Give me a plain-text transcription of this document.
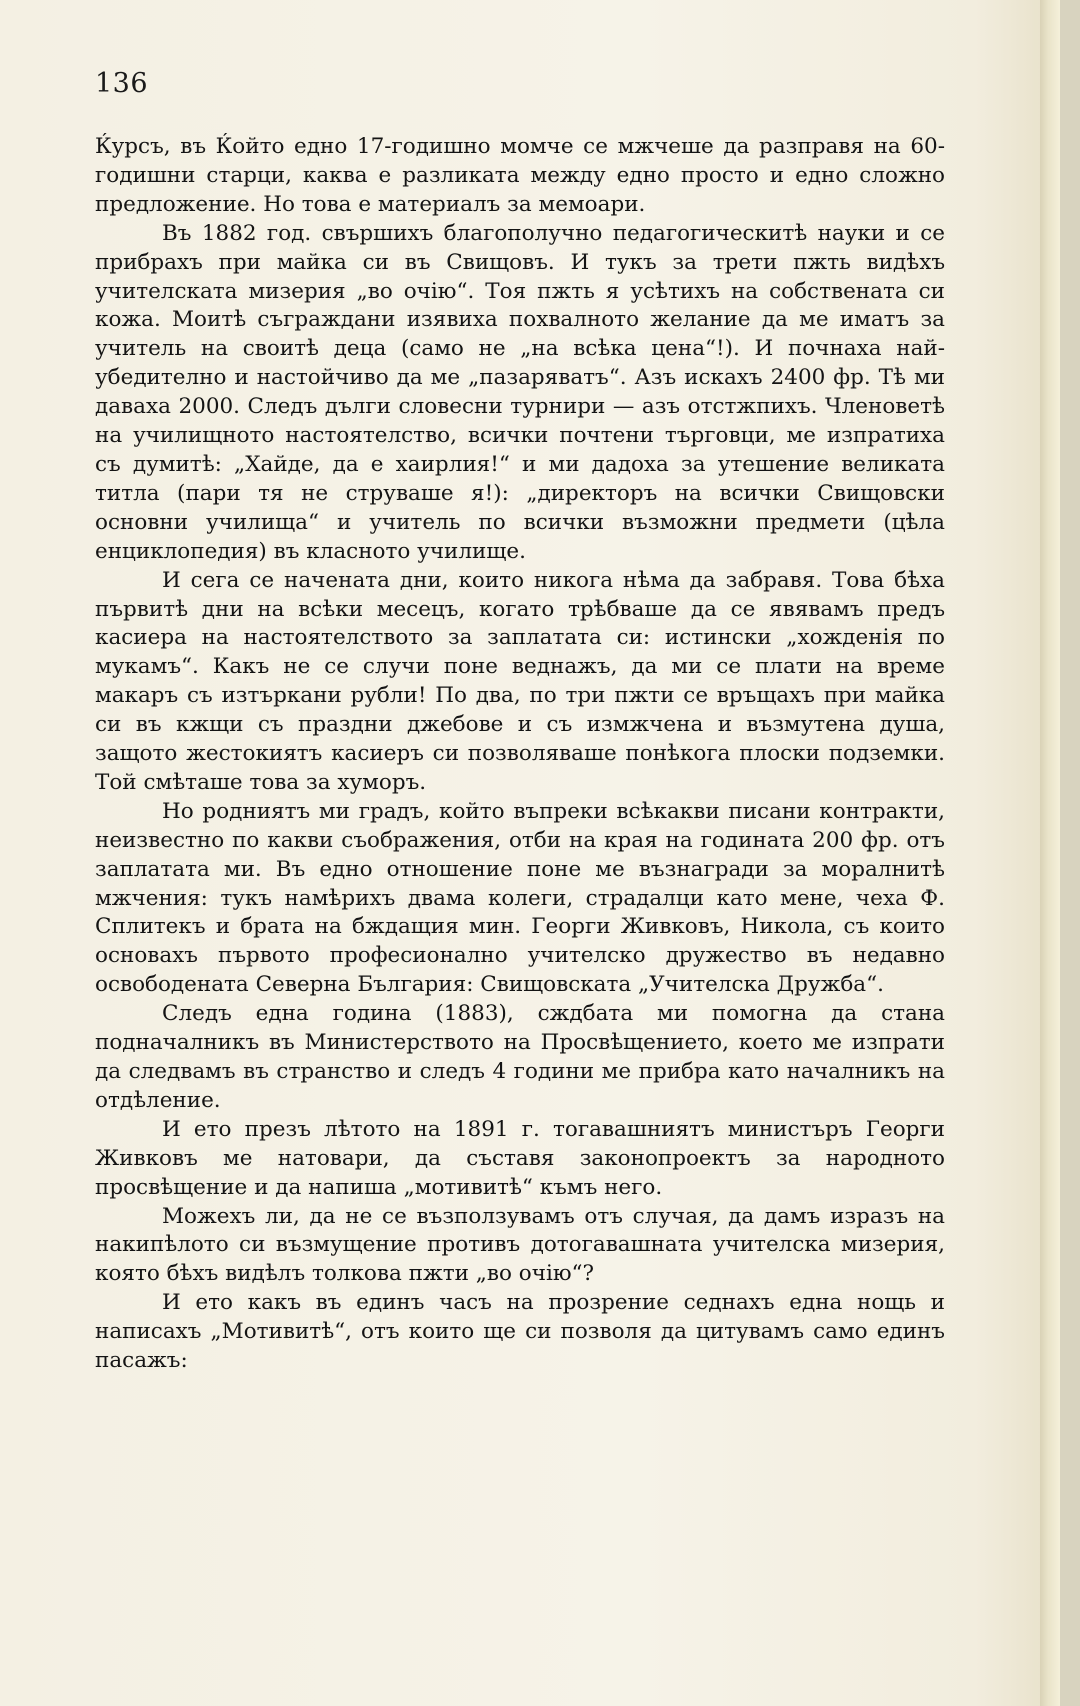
136

Ќурсъ, въ Ќойто едно 17-годишно момче се мжчеше да разправя на 60-годишни старци, каква е разликата между едно просто и едно сложно предложение. Но това е материалъ за мемоари.

Въ 1882 год. свършихъ благополучно педагогическитѣ науки и се прибрахъ при майка си въ Свищовъ. И тукъ за трети пжть видѣхъ учителската мизерия „во очію“. Тоя пжть я усѣтихъ на собствената си кожа. Моитѣ съграждани изявиха похвалното желание да ме иматъ за учитель на своитѣ деца (само не „на всѣка цена“!). И почнаха най-убедително и настойчиво да ме „пазаряватъ“. Азъ искахъ 2400 фр. Тѣ ми даваха 2000. Следъ дълги словесни турнири — азъ отстжпихъ. Членоветѣ на училищното настоятелство, всички почтени търговци, ме изпратиха съ думитѣ: „Хайде, да е хаирлия!“ и ми дадоха за утешение великата титла (пари тя не струваше я!): „директоръ на всички Свищовски основни училища“ и учитель по всички възможни предмети (цѣла енциклопедия) въ класното училище.

И сега се начената дни, които никога нѣма да забравя. Това бѣха първитѣ дни на всѣки месецъ, когато трѣбваше да се явявамъ предъ касиера на настоятелството за заплатата си: истински „хожденія по мукамъ“. Какъ не се случи поне веднажъ, да ми се плати на време макаръ съ изтъркани рубли! По два, по три пжти се връщахъ при майка си въ кжщи съ праздни джебове и съ измжчена и възмутена душа, защото жестокиятъ касиеръ си позволяваше понѣкога плоски подземки. Той смѣташе това за хуморъ.

Но родниятъ ми градъ, който въпреки всѣкакви писани контракти, неизвестно по какви съображения, отби на края на годината 200 фр. отъ заплатата ми. Въ едно отношение поне ме възнагради за моралнитѣ мжчения: тукъ намѣрихъ двама колеги, страдалци като мене, чеха Ф. Сплитекъ и брата на бждащия мин. Георги Живковъ, Никола, съ които основахъ първото професионално учителско дружество въ недавно освободената Северна България: Свищовската „Учителска Дружба“.

Следъ една година (1883), сждбата ми помогна да стана подначалникъ въ Министерството на Просвѣщението, което ме изпрати да следвамъ въ странство и следъ 4 години ме прибра като началникъ на отдѣление.

И ето презъ лѣтото на 1891 г. тогавашниятъ министъръ Георги Живковъ ме натовари, да съставя законопроектъ за народното просвѣщение и да напиша „мотивитѣ“ къмъ него.

Можехъ ли, да не се възползувамъ отъ случая, да дамъ изразъ на накипѣлото си възмущение противъ дотогавашната учителска мизерия, която бѣхъ видѣлъ толкова пжти „во очію“?

И ето какъ въ единъ часъ на прозрение седнахъ една нощь и написахъ „Мотивитѣ“, отъ които ще си позволя да цитувамъ само единъ пасажъ:
